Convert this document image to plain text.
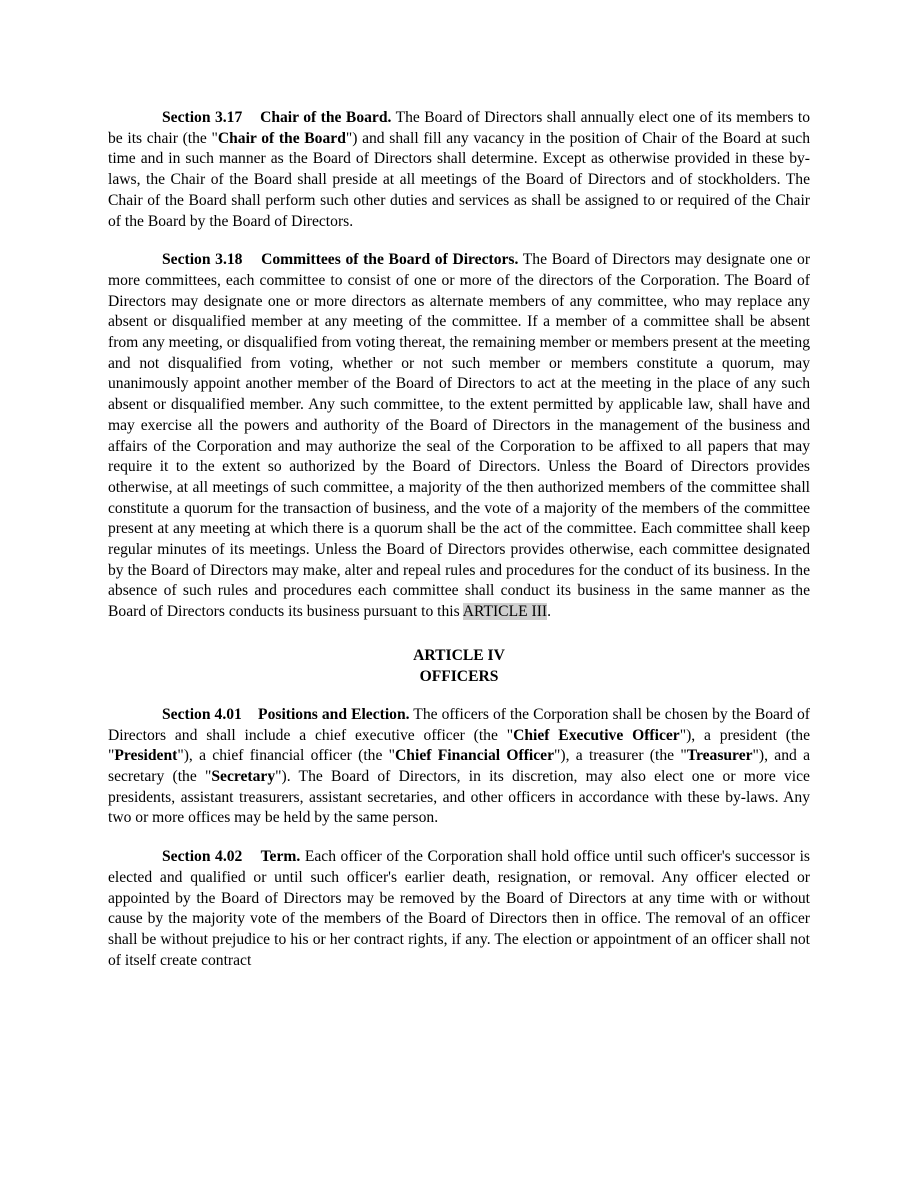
Section 3.17 Chair of the Board. The Board of Directors shall annually elect one of its members to be its chair (the "Chair of the Board") and shall fill any vacancy in the position of Chair of the Board at such time and in such manner as the Board of Directors shall determine. Except as otherwise provided in these by-laws, the Chair of the Board shall preside at all meetings of the Board of Directors and of stockholders. The Chair of the Board shall perform such other duties and services as shall be assigned to or required of the Chair of the Board by the Board of Directors.

Section 3.18 Committees of the Board of Directors. The Board of Directors may designate one or more committees, each committee to consist of one or more of the directors of the Corporation. The Board of Directors may designate one or more directors as alternate members of any committee, who may replace any absent or disqualified member at any meeting of the committee. If a member of a committee shall be absent from any meeting, or disqualified from voting thereat, the remaining member or members present at the meeting and not disqualified from voting, whether or not such member or members constitute a quorum, may unanimously appoint another member of the Board of Directors to act at the meeting in the place of any such absent or disqualified member. Any such committee, to the extent permitted by applicable law, shall have and may exercise all the powers and authority of the Board of Directors in the management of the business and affairs of the Corporation and may authorize the seal of the Corporation to be affixed to all papers that may require it to the extent so authorized by the Board of Directors. Unless the Board of Directors provides otherwise, at all meetings of such committee, a majority of the then authorized members of the committee shall constitute a quorum for the transaction of business, and the vote of a majority of the members of the committee present at any meeting at which there is a quorum shall be the act of the committee. Each committee shall keep regular minutes of its meetings. Unless the Board of Directors provides otherwise, each committee designated by the Board of Directors may make, alter and repeal rules and procedures for the conduct of its business. In the absence of such rules and procedures each committee shall conduct its business in the same manner as the Board of Directors conducts its business pursuant to this ARTICLE III.

ARTICLE IV
OFFICERS

Section 4.01 Positions and Election. The officers of the Corporation shall be chosen by the Board of Directors and shall include a chief executive officer (the "Chief Executive Officer"), a president (the "President"), a chief financial officer (the "Chief Financial Officer"), a treasurer (the "Treasurer"), and a secretary (the "Secretary"). The Board of Directors, in its discretion, may also elect one or more vice presidents, assistant treasurers, assistant secretaries, and other officers in accordance with these by-laws. Any two or more offices may be held by the same person.

Section 4.02 Term. Each officer of the Corporation shall hold office until such officer's successor is elected and qualified or until such officer's earlier death, resignation, or removal. Any officer elected or appointed by the Board of Directors may be removed by the Board of Directors at any time with or without cause by the majority vote of the members of the Board of Directors then in office. The removal of an officer shall be without prejudice to his or her contract rights, if any. The election or appointment of an officer shall not of itself create contract
